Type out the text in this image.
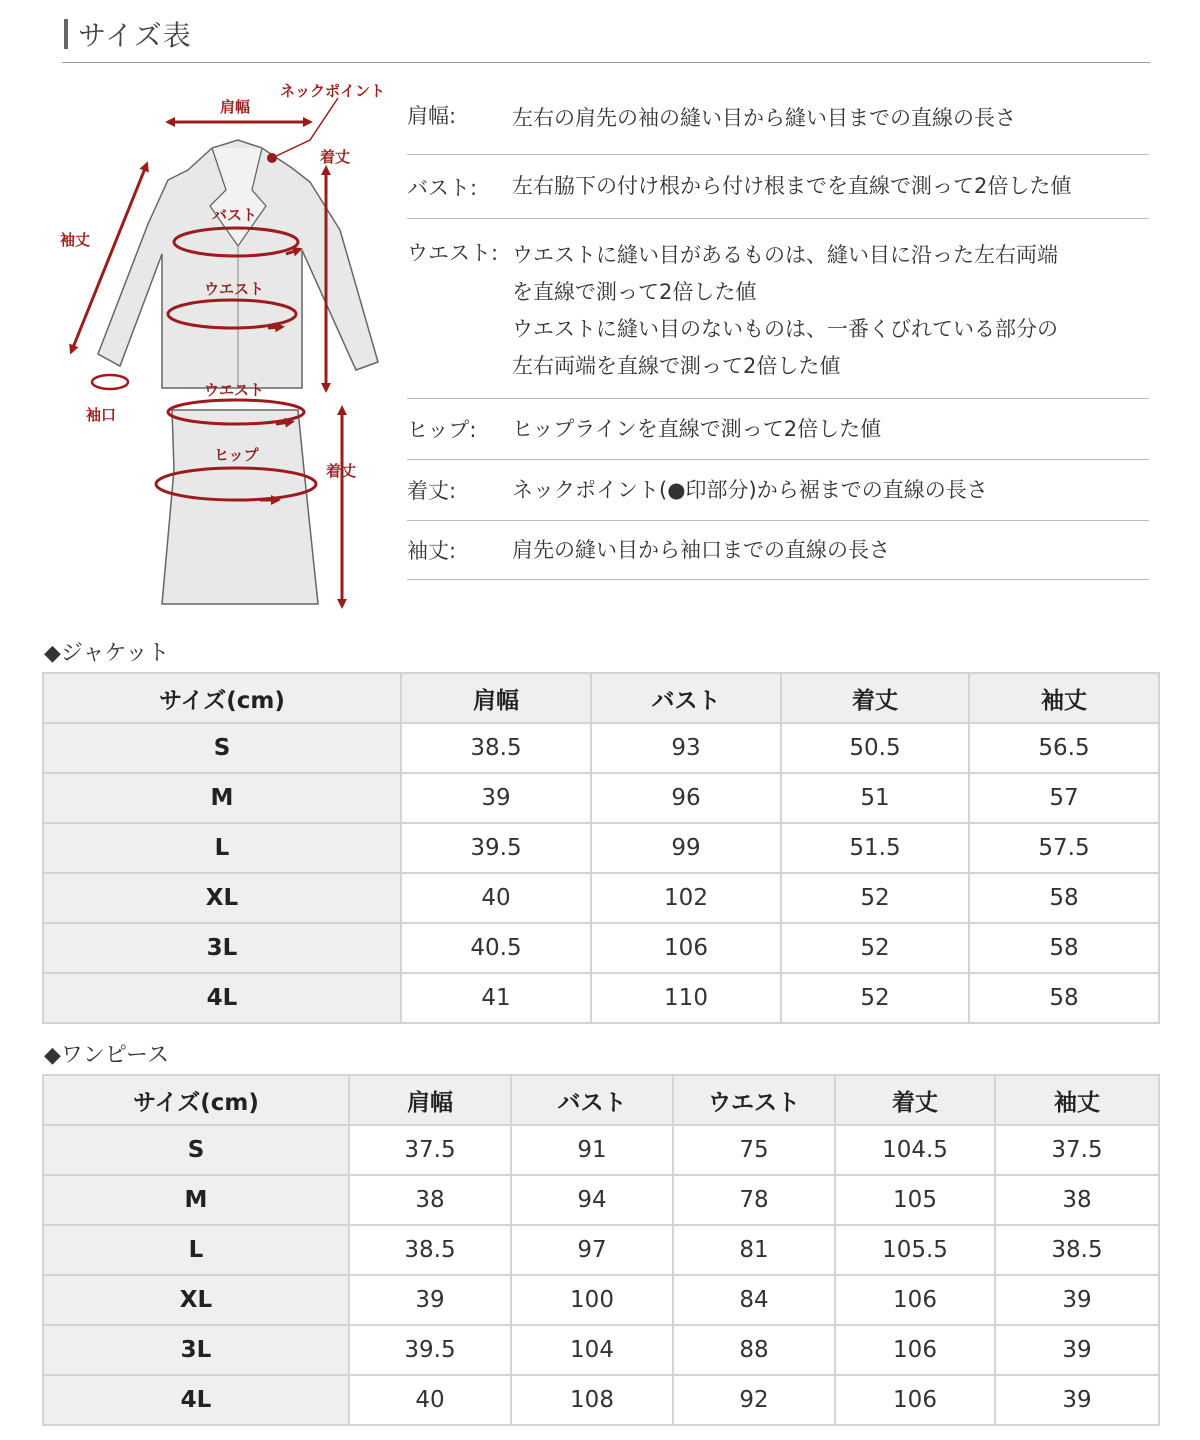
サイズ表
肩幅
ネックポイント
着丈
袖丈
バスト
ウエスト
袖口
ウエスト
ヒップ
着丈
肩幅:	左右の肩先の袖の縫い目から縫い目までの直線の長さ
バスト:	左右脇下の付け根から付け根までを直線で測って2倍した値
ウエスト: ウエストに縫い目があるものは、縫い目に沿った左右両端
を直線で測って2倍した値
ウエストに縫い目のないものは、一番くびれている部分の
左右両端を直線で測って2倍した値
ヒップ:	ヒップラインを直線で測って2倍した値
着丈:	ネックポイント(●印部分)から裾までの直線の長さ
袖丈:	肩先の縫い目から袖口までの直線の長さ
◆ジャケット
サイズ(cm)	肩幅	バスト	着丈	袖丈
S	38.5	93	50.5	56.5
M	39	96	51	57
L	39.5	99	51.5	57.5
XL	40	102	52	58
3L	40.5	106	52	58
4L	41	110	52	58
◆ワンピース
サイズ(cm)	肩幅	バスト	ウエスト	着丈	袖丈
S	37.5	91	75	104.5	37.5
M	38	94	78	105	38
L	38.5	97	81	105.5	38.5
XL	39	100	84	106	39
3L	39.5	104	88	106	39
4L	40	108	92	106	39
